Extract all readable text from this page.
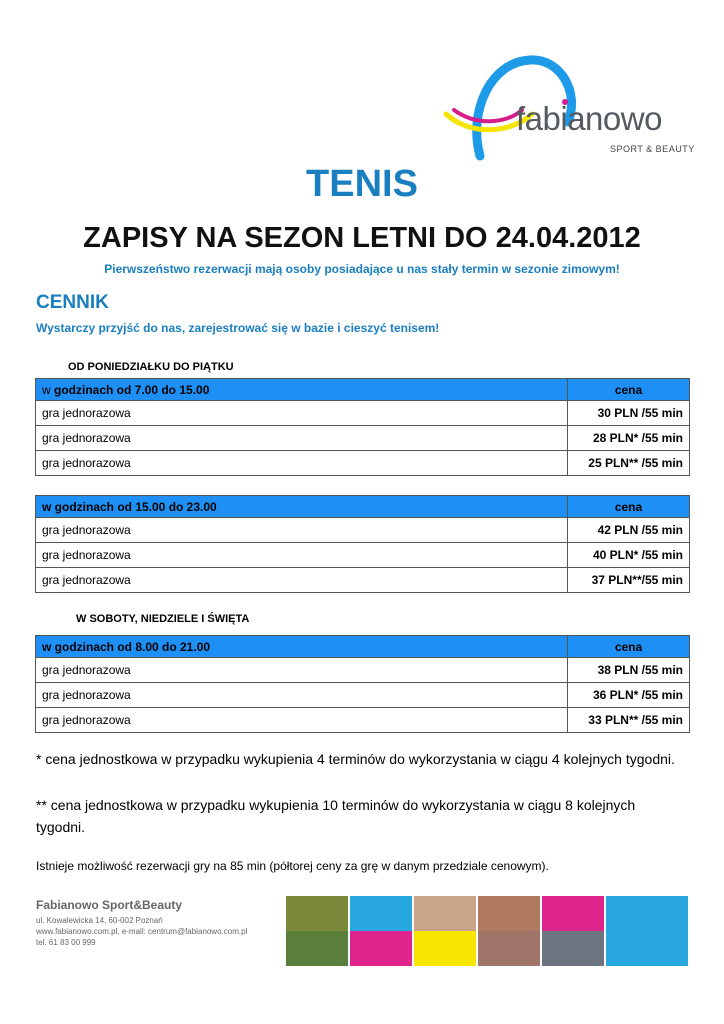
fabianowo
SPORT & BEAUTY
TENIS
ZAPISY NA SEZON LETNI DO 24.04.2012
Pierwszeństwo rezerwacji mają osoby posiadające u nas stały termin w sezonie zimowym!
CENNIK
Wystarczy przyjść do nas, zarejestrować się w bazie i cieszyć tenisem!
OD PONIEDZIAŁKU DO PIĄTKU
w godzinach od 7.00 do 15.00	cena
gra jednorazowa	30 PLN /55 min
gra jednorazowa	28 PLN* /55 min
gra jednorazowa	25 PLN** /55 min
w godzinach od 15.00 do 23.00	cena
gra jednorazowa	42 PLN /55 min
gra jednorazowa	40 PLN* /55 min
gra jednorazowa	37 PLN**/55 min
W SOBOTY, NIEDZIELE I ŚWIĘTA
w godzinach od 8.00 do 21.00	cena
gra jednorazowa	38 PLN /55 min
gra jednorazowa	36 PLN* /55 min
gra jednorazowa	33 PLN** /55 min
* cena jednostkowa w przypadku wykupienia 4 terminów do wykorzystania w ciągu 4 kolejnych tygodni.
** cena jednostkowa w przypadku wykupienia 10 terminów do wykorzystania w ciągu 8 kolejnych tygodni.
Istnieje możliwość rezerwacji gry na 85 min (półtorej ceny za grę w danym przedziale cenowym).
Fabianowo Sport&Beauty
ul. Kowalewicka 14, 60-002 Poznań
www.fabianowo.com.pl, e-mail: centrum@fabianowo.com.pl
tel. 61 83 00 999
